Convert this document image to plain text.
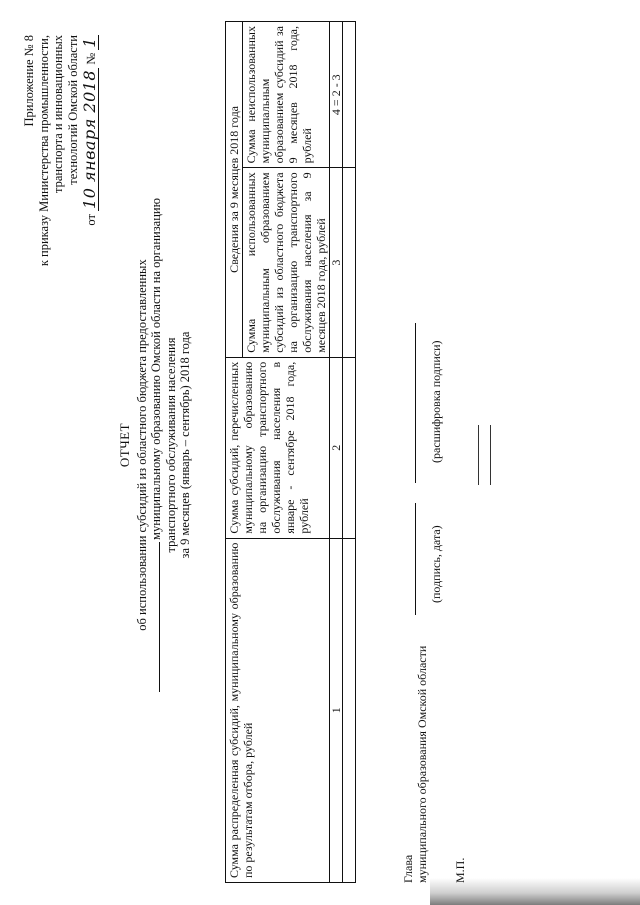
Приложение № 8 к приказу Министерства промышленности, транспорта и инновационных технологий Омской области
от 10 января 2018 № 1
ОТЧЕТ об использовании субсидий из областного бюджета предоставленных муниципальному образованию Омской области на организацию транспортного обслуживания населения за 9 месяцев (январь – сентябрь) 2018 года
Сумма распределенная субсидий, муниципальному образованию по результатам отбора, рублей	Сумма субсидий, перечисленных муниципальному образованию на организацию транспортного обслуживания населения в январе - сентябре 2018 года, рублей	Сведения за 9 месяцев 2018 года	
		Сумма использованных муниципальным образованием субсидий из областного бюджета на организацию транспортного обслуживания населения за 9 месяцев 2018 года, рублей	Сумма неиспользованных муниципальным образованием субсидий за 9 месяцев 2018 года, рублей
1	2	3	4 = 2 - 3

Глава муниципального образования Омской области
(подпись, дата)
(расшифровка подписи)
М.П.
